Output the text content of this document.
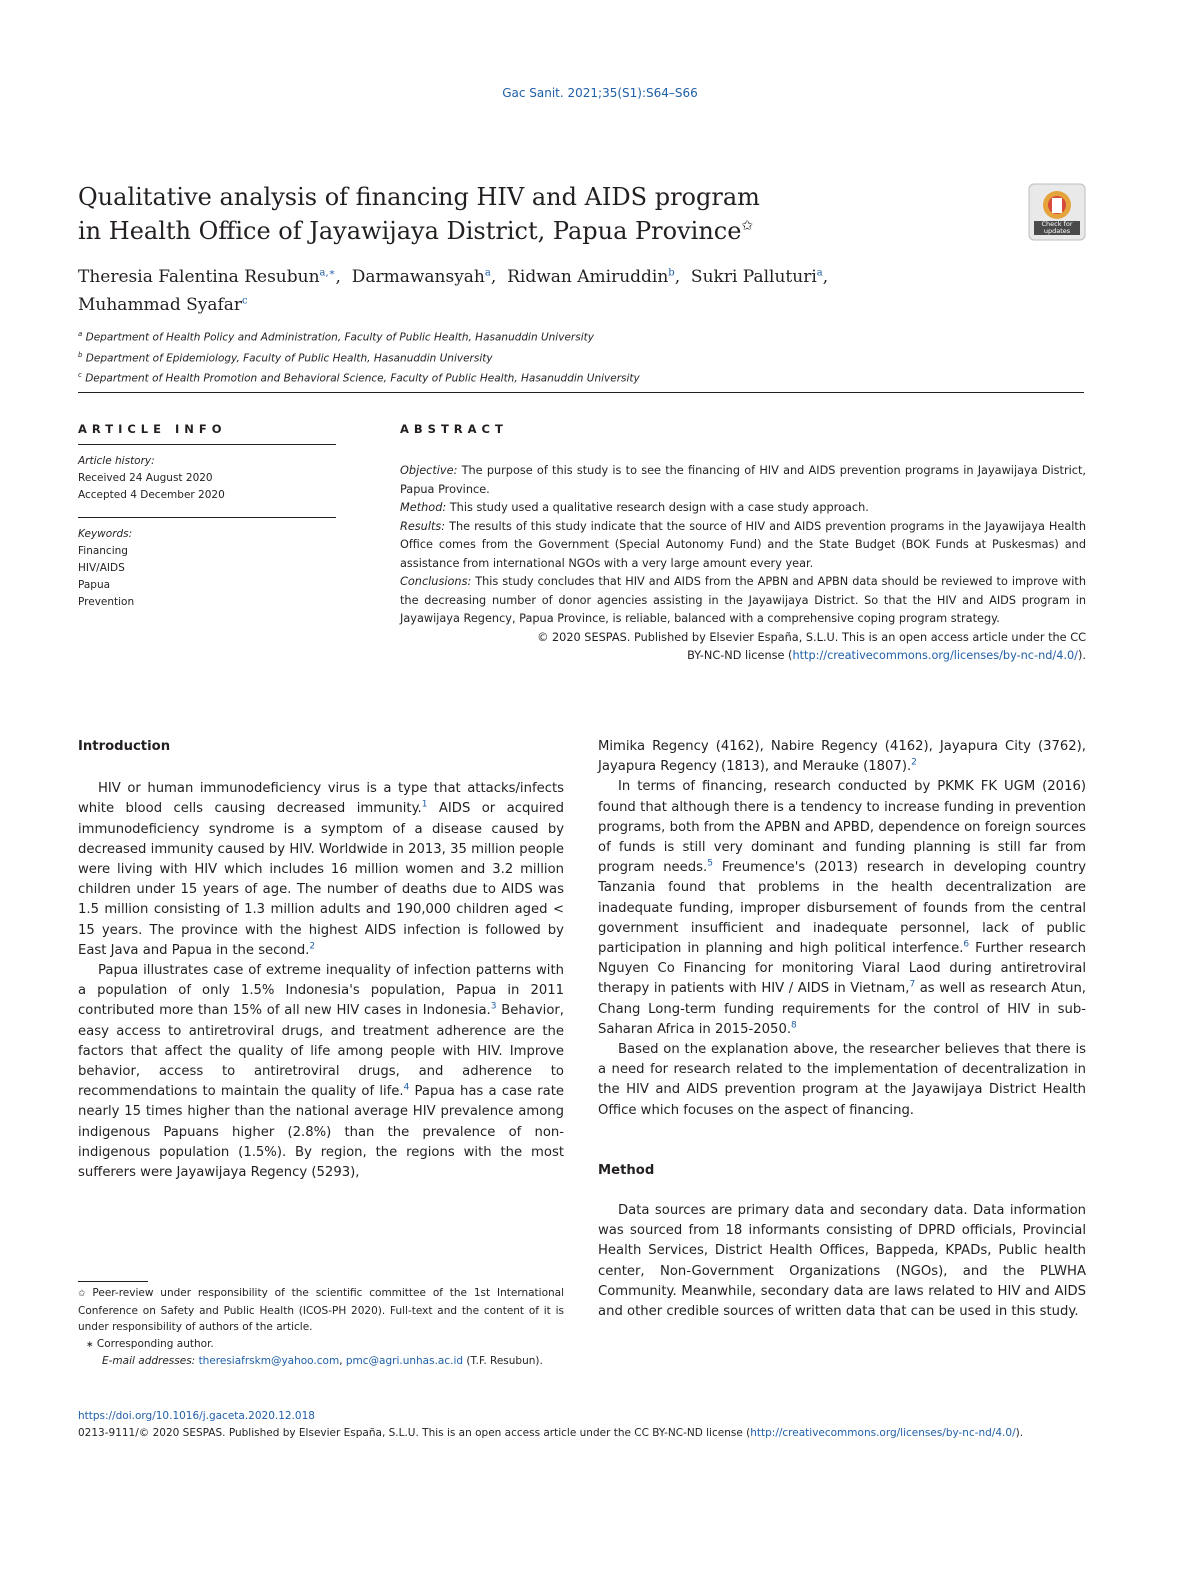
Gac Sanit. 2021;35(S1):S64–S66
Qualitative analysis of financing HIV and AIDS program
in Health Office of Jayawijaya District, Papua Province✩	Check for updates
Theresia Falentina Resubun$^{a,∗}$, Darmawansyah$^a$, Ridwan Amiruddin$^b$, Sukri Palluturi$^a$,
Muhammad Syafar$^c$
$^a$ Department of Health Policy and Administration, Faculty of Public Health, Hasanuddin University
$^b$ Department of Epidemiology, Faculty of Public Health, Hasanuddin University
$^c$ Department of Health Promotion and Behavioral Science, Faculty of Public Health, Hasanuddin University
ARTICLE INFO
Article history:
Received 24 August 2020
Accepted 4 December 2020
Keywords:
Financing
HIV/AIDS
Papua
Prevention
ABSTRACT
Objective: The purpose of this study is to see the financing of HIV and AIDS prevention programs in Jayawijaya District, Papua Province.
Method: This study used a qualitative research design with a case study approach.
Results: The results of this study indicate that the source of HIV and AIDS prevention programs in the Jayawijaya Health Office comes from the Government (Special Autonomy Fund) and the State Budget (BOK Funds at Puskesmas) and assistance from international NGOs with a very large amount every year.
Conclusions: This study concludes that HIV and AIDS from the APBN and APBN data should be reviewed to improve with the decreasing number of donor agencies assisting in the Jayawijaya District. So that the HIV and AIDS program in Jayawijaya Regency, Papua Province, is reliable, balanced with a comprehensive coping program strategy.
© 2020 SESPAS. Published by Elsevier España, S.L.U. This is an open access article under the CC
BY-NC-ND license (http://creativecommons.org/licenses/by-nc-nd/4.0/).
Introduction

HIV or human immunodeficiency virus is a type that attacks/infects white blood cells causing decreased immunity.$^1$ AIDS or acquired immunodeficiency syndrome is a symptom of a disease caused by decreased immunity caused by HIV. Worldwide in 2013, 35 million people were living with HIV which includes 16 million women and 3.2 million children under 15 years of age. The number of deaths due to AIDS was 1.5 million consisting of 1.3 million adults and 190,000 children aged < 15 years. The province with the highest AIDS infection is followed by East Java and Papua in the second.$^2$

Papua illustrates case of extreme inequality of infection patterns with a population of only 1.5% Indonesia's population, Papua in 2011 contributed more than 15% of all new HIV cases in Indonesia.$^3$ Behavior, easy access to antiretroviral drugs, and treatment adherence are the factors that affect the quality of life among people with HIV. Improve behavior, access to antiretroviral drugs, and adherence to recommendations to maintain the quality of life.$^4$ Papua has a case rate nearly 15 times higher than the national average HIV prevalence among indigenous Papuans higher (2.8%) than the prevalence of non-indigenous population (1.5%). By region, the regions with the most sufferers were Jayawijaya Regency (5293),

Mimika Regency (4162), Nabire Regency (4162), Jayapura City (3762), Jayapura Regency (1813), and Merauke (1807).$^2$

In terms of financing, research conducted by PKMK FK UGM (2016) found that although there is a tendency to increase funding in prevention programs, both from the APBN and APBD, dependence on foreign sources of funds is still very dominant and funding planning is still far from program needs.$^5$ Freumence's (2013) research in developing country Tanzania found that problems in the health decentralization are inadequate funding, improper disbursement of founds from the central government insufficient and inadequate personnel, lack of public participation in planning and high political interfence.$^6$ Further research Nguyen Co Financing for monitoring Viaral Laod during antiretroviral therapy in patients with HIV / AIDS in Vietnam,$^7$ as well as research Atun, Chang Long-term funding requirements for the control of HIV in sub-Saharan Africa in 2015-2050.$^8$

Based on the explanation above, the researcher believes that there is a need for research related to the implementation of decentralization in the HIV and AIDS prevention program at the Jayawijaya District Health Office which focuses on the aspect of financing.

Method

Data sources are primary data and secondary data. Data information was sourced from 18 informants consisting of DPRD officials, Provincial Health Services, District Health Offices, Bappeda, KPADs, Public health center, Non-Government Organizations (NGOs), and the PLWHA Community. Meanwhile, secondary data are laws related to HIV and AIDS and other credible sources of written data that can be used in this study.

✩ Peer-review under responsibility of the scientific committee of the 1st International Conference on Safety and Public Health (ICOS-PH 2020). Full-text and the content of it is under responsibility of authors of the article.
∗ Corresponding author.
E-mail addresses: theresiafrskm@yahoo.com, pmc@agri.unhas.ac.id (T.F. Resubun).
https://doi.org/10.1016/j.gaceta.2020.12.018
0213-9111/© 2020 SESPAS. Published by Elsevier España, S.L.U. This is an open access article under the CC BY-NC-ND license (http://creativecommons.org/licenses/by-nc-nd/4.0/).
